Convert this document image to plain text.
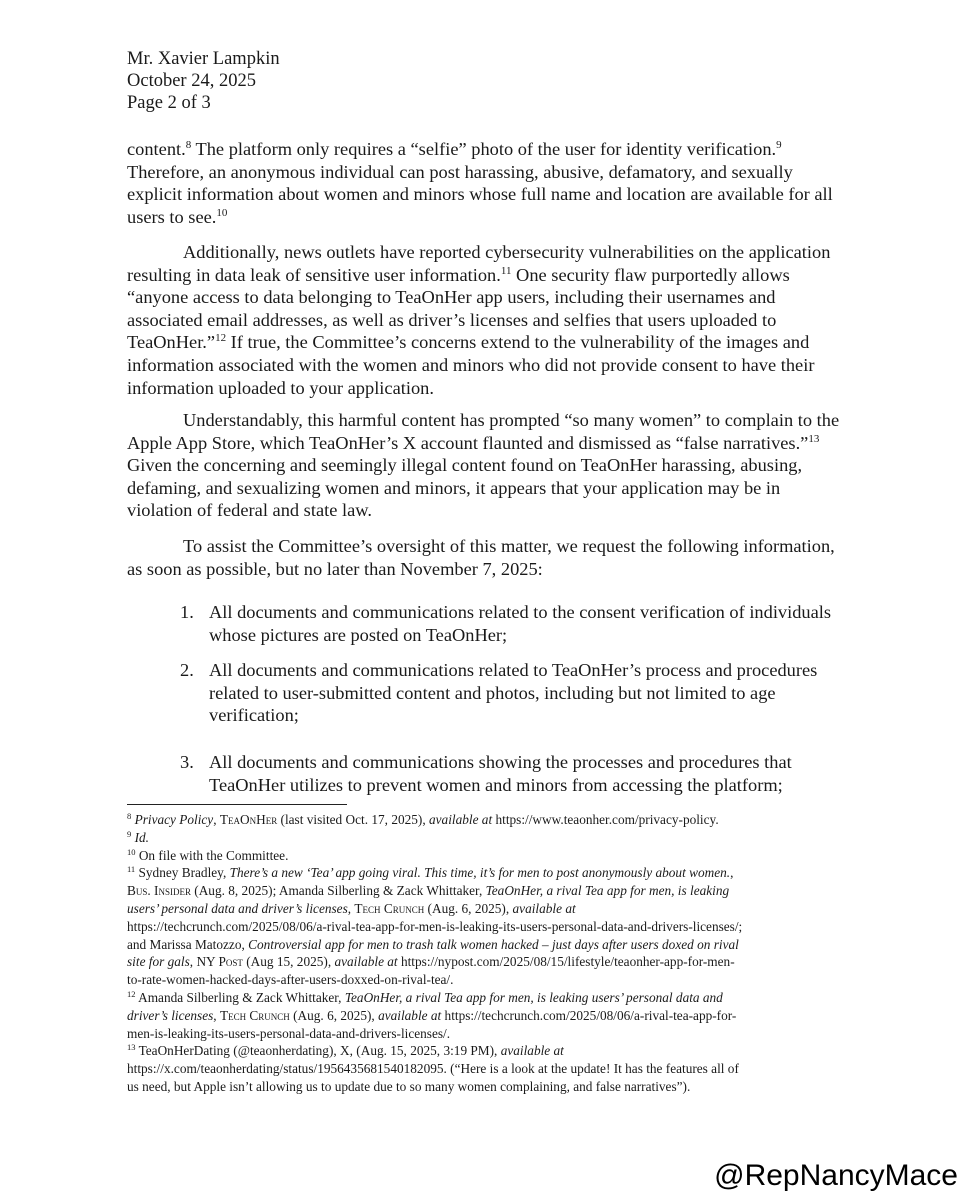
Mr. Xavier Lampkin
October 24, 2025
Page 2 of 3
content.$^8$ The platform only requires a “selfie” photo of the user for identity verification.$^9$
Therefore, an anonymous individual can post harassing, abusive, defamatory, and sexually
explicit information about women and minors whose full name and location are available for all
users to see.$^{10}$
Additionally, news outlets have reported cybersecurity vulnerabilities on the application
resulting in data leak of sensitive user information.$^{11}$ One security flaw purportedly allows
“anyone access to data belonging to TeaOnHer app users, including their usernames and
associated email addresses, as well as driver’s licenses and selfies that users uploaded to
TeaOnHer.”$^{12}$ If true, the Committee’s concerns extend to the vulnerability of the images and
information associated with the women and minors who did not provide consent to have their
information uploaded to your application.
Understandably, this harmful content has prompted “so many women” to complain to the
Apple App Store, which TeaOnHer’s X account flaunted and dismissed as “false narratives.”$^{13}$
Given the concerning and seemingly illegal content found on TeaOnHer harassing, abusing,
defaming, and sexualizing women and minors, it appears that your application may be in
violation of federal and state law.
To assist the Committee’s oversight of this matter, we request the following information,
as soon as possible, but no later than November 7, 2025:
1. All documents and communications related to the consent verification of individuals
whose pictures are posted on TeaOnHer;
2. All documents and communications related to TeaOnHer’s process and procedures
related to user-submitted content and photos, including but not limited to age
verification;
3. All documents and communications showing the processes and procedures that
TeaOnHer utilizes to prevent women and minors from accessing the platform;
$^8$ Privacy Policy, TeaOnHer (last visited Oct. 17, 2025), available at https://www.teaonher.com/privacy-policy.
$^9$ Id.
$^{10}$ On file with the Committee.
$^{11}$ Sydney Bradley, There’s a new ‘Tea’ app going viral. This time, it’s for men to post anonymously about women.,
Bus. Insider (Aug. 8, 2025); Amanda Silberling & Zack Whittaker, TeaOnHer, a rival Tea app for men, is leaking
users’ personal data and driver’s licenses, Tech Crunch (Aug. 6, 2025), available at
https://techcrunch.com/2025/08/06/a-rival-tea-app-for-men-is-leaking-its-users-personal-data-and-drivers-licenses/;
and Marissa Matozzo, Controversial app for men to trash talk women hacked – just days after users doxed on rival
site for gals, NY Post (Aug 15, 2025), available at https://nypost.com/2025/08/15/lifestyle/teaonher-app-for-men-
to-rate-women-hacked-days-after-users-doxxed-on-rival-tea/.
$^{12}$ Amanda Silberling & Zack Whittaker, TeaOnHer, a rival Tea app for men, is leaking users’ personal data and
driver’s licenses, Tech Crunch (Aug. 6, 2025), available at https://techcrunch.com/2025/08/06/a-rival-tea-app-for-
men-is-leaking-its-users-personal-data-and-drivers-licenses/.
$^{13}$ TeaOnHerDating (@teaonherdating), X, (Aug. 15, 2025, 3:19 PM), available at
https://x.com/teaonherdating/status/1956435681540182095. (“Here is a look at the update! It has the features all of
us need, but Apple isn’t allowing us to update due to so many women complaining, and false narratives”).
@RepNancyMace
